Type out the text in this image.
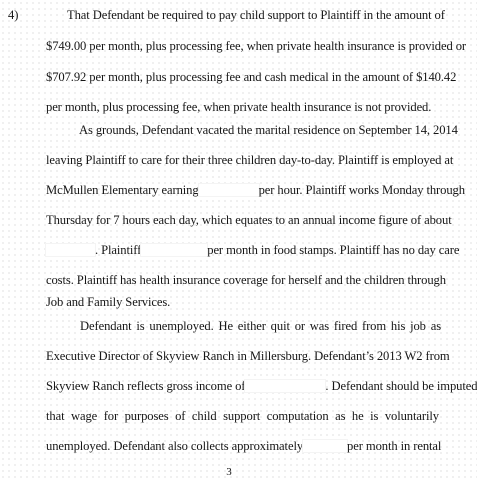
4)	That Defendant be required to pay child support to Plaintiff in the amount of
$749.00 per month, plus processing fee, when private health insurance is provided or
$707.92 per month, plus processing fee and cash medical in the amount of $140.42
per month, plus processing fee, when private health insurance is not provided.
As grounds, Defendant vacated the marital residence on September 14, 2014
leaving Plaintiff to care for their three children day-to-day. Plaintiff is employed at
McMullen Elementary earning	per hour. Plaintiff works Monday through
Thursday for 7 hours each day, which equates to an annual income figure of about
. Plaintiff	per month in food stamps. Plaintiff has no day care
costs. Plaintiff has health insurance coverage for herself and the children through
Job and Family Services.
Defendant is unemployed. He either quit or was fired from his job as
Executive Director of Skyview Ranch in Millersburg. Defendant’s 2013 W2 from
Skyview Ranch reflects gross income of	. Defendant should be imputed
that wage for purposes of child support computation as he is voluntarily
unemployed. Defendant also collects approximately	per month in rental
3
